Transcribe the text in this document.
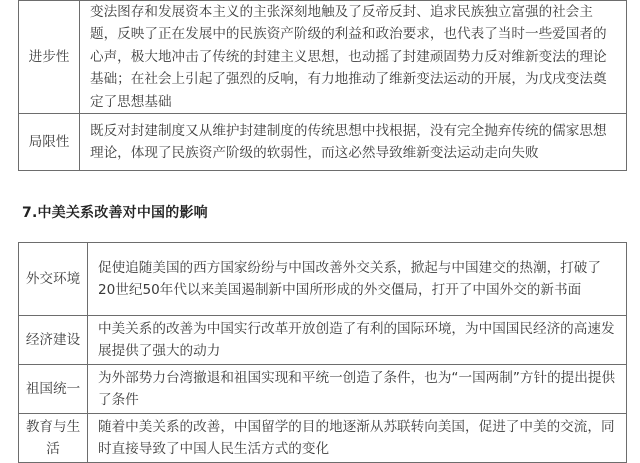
进步性	变法图存和发展资本主义的主张深刻地触及了反帝反封、追求民族独立富强的社会主题，反映了正在发展中的民族资产阶级的利益和政治要求，也代表了当时一些爱国者的心声，极大地冲击了传统的封建主义思想，也动摇了封建顽固势力反对维新变法的理论基础；在社会上引起了强烈的反响，有力地推动了维新变法运动的开展，为戊戌变法奠定了思想基础
局限性	既反对封建制度又从维护封建制度的传统思想中找根据，没有完全抛弃传统的儒家思想理论，体现了民族资产阶级的软弱性，而这必然导致维新变法运动走向失败
7.中美关系改善对中国的影响
外交环境	促使追随美国的西方国家纷纷与中国改善外交关系，掀起与中国建交的热潮，打破了20世纪50年代以来美国遏制新中国所形成的外交僵局，打开了中国外交的新书面
经济建设	中美关系的改善为中国实行改革开放创造了有利的国际环境，为中国国民经济的高速发展提供了强大的动力
祖国统一	为外部势力台湾撤退和祖国实现和平统一创造了条件，也为“一国两制”方针的提出提供了条件
教育与生活	随着中美关系的改善，中国留学的目的地逐渐从苏联转向美国，促进了中美的交流，同时直接导致了中国人民生活方式的变化
